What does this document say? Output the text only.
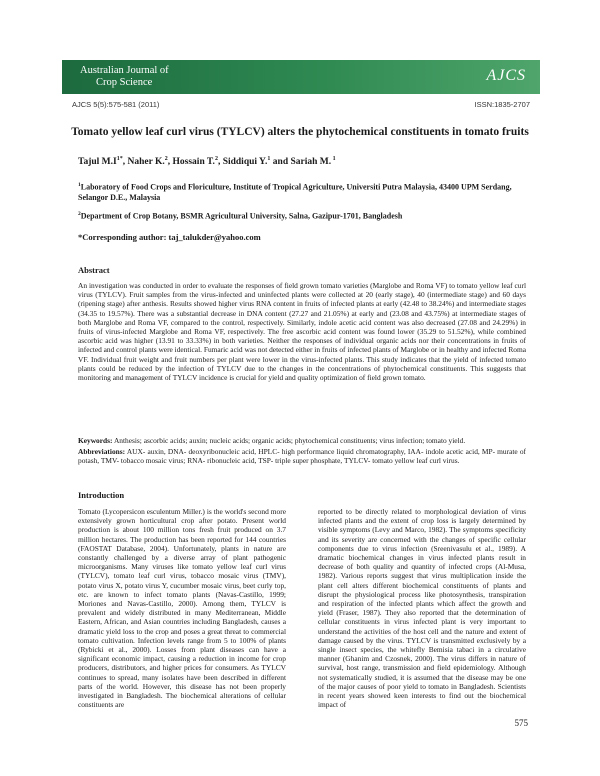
Australian Journal of
Crop Science	AJCS
AJCS 5(5):575-581 (2011)	ISSN:1835-2707
Tomato yellow leaf curl virus (TYLCV) alters the phytochemical constituents in tomato fruits
Tajul $M.I^{1*}$, Naher K.$^2$, Hossain T.$^2$, Siddiqui Y.$^1$ and Sariah M. $^1$
$^1$Laboratory of Food Crops and Floriculture, Institute of Tropical Agriculture, Universiti Putra Malaysia, 43400 UPM Serdang, Selangor D.E., Malaysia
$^2$Department of Crop Botany, BSMR Agricultural University, Salna, Gazipur-1701, Bangladesh
*Corresponding author: taj_talukder@yahoo.com
Abstract
An investigation was conducted in order to evaluate the responses of field grown tomato varieties (Marglobe and Roma VF) to tomato yellow leaf curl virus (TYLCV). Fruit samples from the virus-infected and uninfected plants were collected at 20 (early stage), 40 (intermediate stage) and 60 days (ripening stage) after anthesis. Results showed higher virus RNA content in fruits of infected plants at early (42.48 to 38.24%) and intermediate stages (34.35 to 19.57%). There was a substantial decrease in DNA content (27.27 and 21.05%) at early and (23.08 and 43.75%) at intermediate stages of both Marglobe and Roma VF, compared to the control, respectively. Similarly, indole acetic acid content was also decreased (27.08 and 24.29%) in fruits of virus-infected Marglobe and Roma VF, respectively. The free ascorbic acid content was found lower (35.29 to 51.52%), while combined ascorbic acid was higher (13.91 to 33.33%) in both varieties. Neither the responses of individual organic acids nor their concentrations in fruits of infected and control plants were identical. Fumaric acid was not detected either in fruits of infected plants of Marglobe or in healthy and infected Roma VF. Individual fruit weight and fruit numbers per plant were lower in the virus-infected plants. This study indicates that the yield of infected tomato plants could be reduced by the infection of TYLCV due to the changes in the concentrations of phytochemical constituents. This suggests that monitoring and management of TYLCV incidence is crucial for yield and quality optimization of field grown tomato.
Keywords: Anthesis; ascorbic acids; auxin; nucleic acids; organic acids; phytochemical constituents; virus infection; tomato yield.
Abbreviations: AUX- auxin, DNA- deoxyribonucleic acid, HPLC- high performance liquid chromatography, IAA- indole acetic acid, MP- murate of potash, TMV- tobacco mosaic virus; RNA- ribonucleic acid, TSP- triple super phosphate, TYLCV- tomato yellow leaf curl virus.
Introduction
Tomato (Lycopersicon esculentum Miller.) is the world's second more extensively grown horticultural crop after potato. Present world production is about 100 million tons fresh fruit produced on 3.7 million hectares. The production has been reported for 144 countries (FAOSTAT Database, 2004). Unfortunately, plants in nature are constantly challenged by a diverse array of plant pathogenic microorganisms. Many viruses like tomato yellow leaf curl virus (TYLCV), tomato leaf curl virus, tobacco mosaic virus (TMV), potato virus X, potato virus Y, cucumber mosaic virus, beet curly top, etc. are known to infect tomato plants (Navas-Castillo, 1999; Moriones and Navas-Castillo, 2000). Among them, TYLCV is prevalent and widely distributed in many Mediterranean, Middle Eastern, African, and Asian countries including Bangladesh, causes a dramatic yield loss to the crop and poses a great threat to commercial tomato cultivation. Infection levels range from 5 to 100% of plants (Rybicki et al., 2000). Losses from plant diseases can have a significant economic impact, causing a reduction in income for crop producers, distributors, and higher prices for consumers. As TYLCV continues to spread, many isolates have been described in different parts of the world. However, this disease has not been properly investigated in Bangladesh. The biochemical alterations of cellular constituents are
reported to be directly related to morphological deviation of virus infected plants and the extent of crop loss is largely determined by visible symptoms (Levy and Marco, 1982). The symptoms specificity and its severity are concerned with the changes of specific cellular components due to virus infection (Sreenivasulu et al., 1989). A dramatic biochemical changes in virus infected plants result in decrease of both quality and quantity of infected crops (Al-Musa, 1982). Various reports suggest that virus multiplication inside the plant cell alters different biochemical constituents of plants and disrupt the physiological process like photosynthesis, transpiration and respiration of the infected plants which affect the growth and yield (Fraser, 1987). They also reported that the determination of cellular constituents in virus infected plant is very important to understand the activities of the host cell and the nature and extent of damage caused by the virus. TYLCV is transmitted exclusively by a single insect species, the whitefly Bemisia tabaci in a circulative manner (Ghanim and Czosnek, 2000). The virus differs in nature of survival, host range, transmission and field epidemiology. Although not systematically studied, it is assumed that the disease may be one of the major causes of poor yield to tomato in Bangladesh. Scientists in recent years showed keen interests to find out the biochemical impact of
575
